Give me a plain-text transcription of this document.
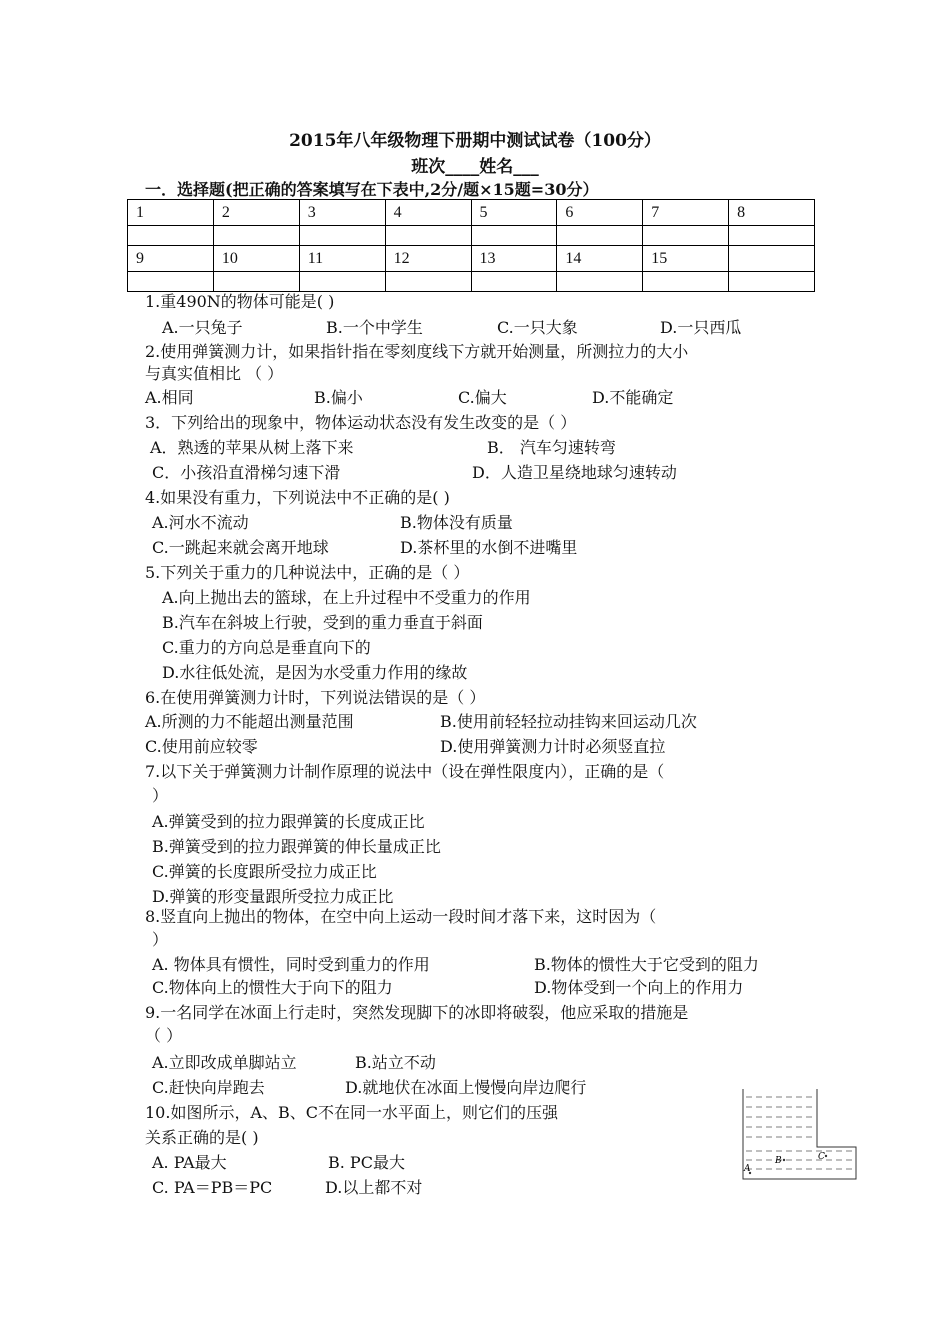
2015年八年级物理下册期中测试试卷（100分）
班次____姓名___
一．选择题(把正确的答案填写在下表中,2分/题×15题=30分）
1	2	3	4	5	6	7	8

9	10	11	12	13	14	15	

1.重490N的物体可能是( )
A.一只兔子	B.一个中学生	C.一只大象	D.一只西瓜
2.使用弹簧测力计，如果指针指在零刻度线下方就开始测量，所测拉力的大小
与真实值相比 （ ）
A.相同	B.偏小	C.偏大	D.不能确定
3．下列给出的现象中，物体运动状态没有发生改变的是（ ）
A．熟透的苹果从树上落下来	B． 汽车匀速转弯
C．小孩沿直滑梯匀速下滑	D．人造卫星绕地球匀速转动
4.如果没有重力，下列说法中不正确的是( )
A.河水不流动	B.物体没有质量
C.一跳起来就会离开地球	D.茶杯里的水倒不进嘴里
5.下列关于重力的几种说法中，正确的是（ ）
A.向上抛出去的篮球，在上升过程中不受重力的作用
B.汽车在斜坡上行驶，受到的重力垂直于斜面
C.重力的方向总是垂直向下的
D.水往低处流，是因为水受重力作用的缘故
6.在使用弹簧测力计时，下列说法错误的是（ ）
A.所测的力不能超出测量范围	B.使用前轻轻拉动挂钩来回运动几次
C.使用前应较零	D.使用弹簧测力计时必须竖直拉
7.以下关于弹簧测力计制作原理的说法中（设在弹性限度内），正确的是（
）
A.弹簧受到的拉力跟弹簧的长度成正比
B.弹簧受到的拉力跟弹簧的伸长量成正比
C.弹簧的长度跟所受拉力成正比
D.弹簧的形变量跟所受拉力成正比
8.竖直向上抛出的物体，在空中向上运动一段时间才落下来，这时因为（
）
A. 物体具有惯性，同时受到重力的作用	B.物体的惯性大于它受到的阻力
C.物体向上的惯性大于向下的阻力	D.物体受到一个向上的作用力
9.一名同学在冰面上行走时，突然发现脚下的冰即将破裂，他应采取的措施是
（ ）
A.立即改成单脚站立	B.站立不动
C.赶快向岸跑去	D.就地伏在冰面上慢慢向岸边爬行
10.如图所示，A、B、C不在同一水平面上，则它们的压强
关系正确的是( )
A. PA最大	B. PC最大
C. PA＝PB＝PC	D.以上都不对
A
B	C
